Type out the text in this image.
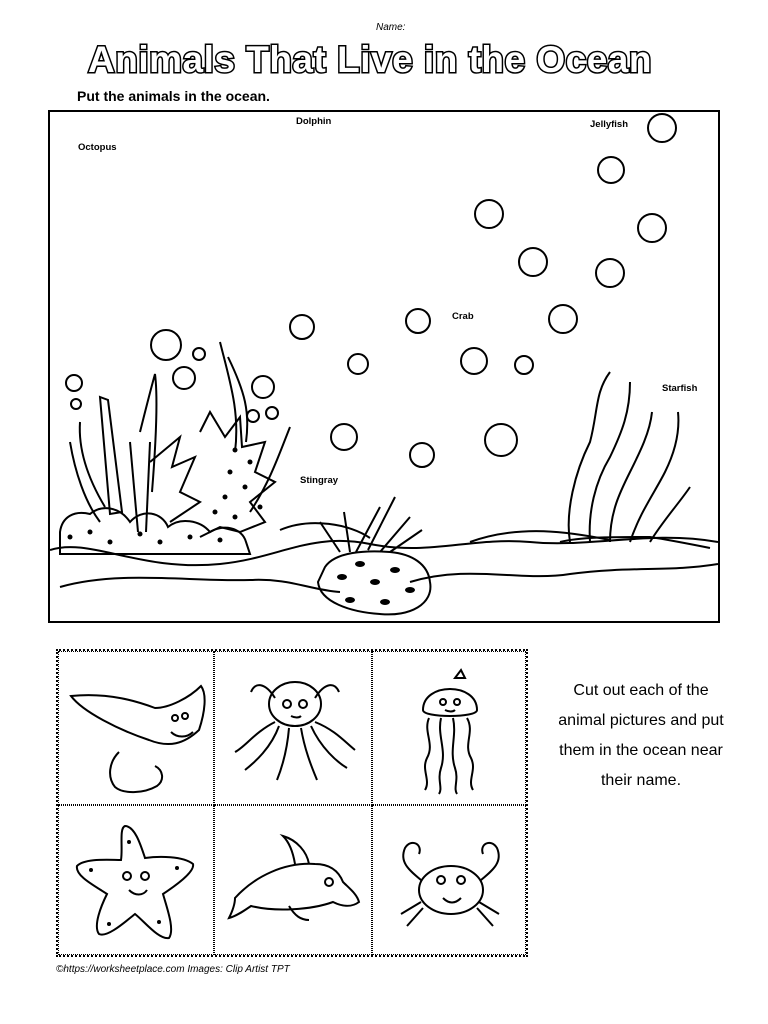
Name:
Animals That Live in the Ocean
Put the animals in the ocean.
Octopus
Dolphin	Jellyfish
Crab
Starfish
Stingray
Cut out each of the animal pictures and put them in the ocean near their name.
©https://worksheetplace.com Images: Clip Artist TPT
